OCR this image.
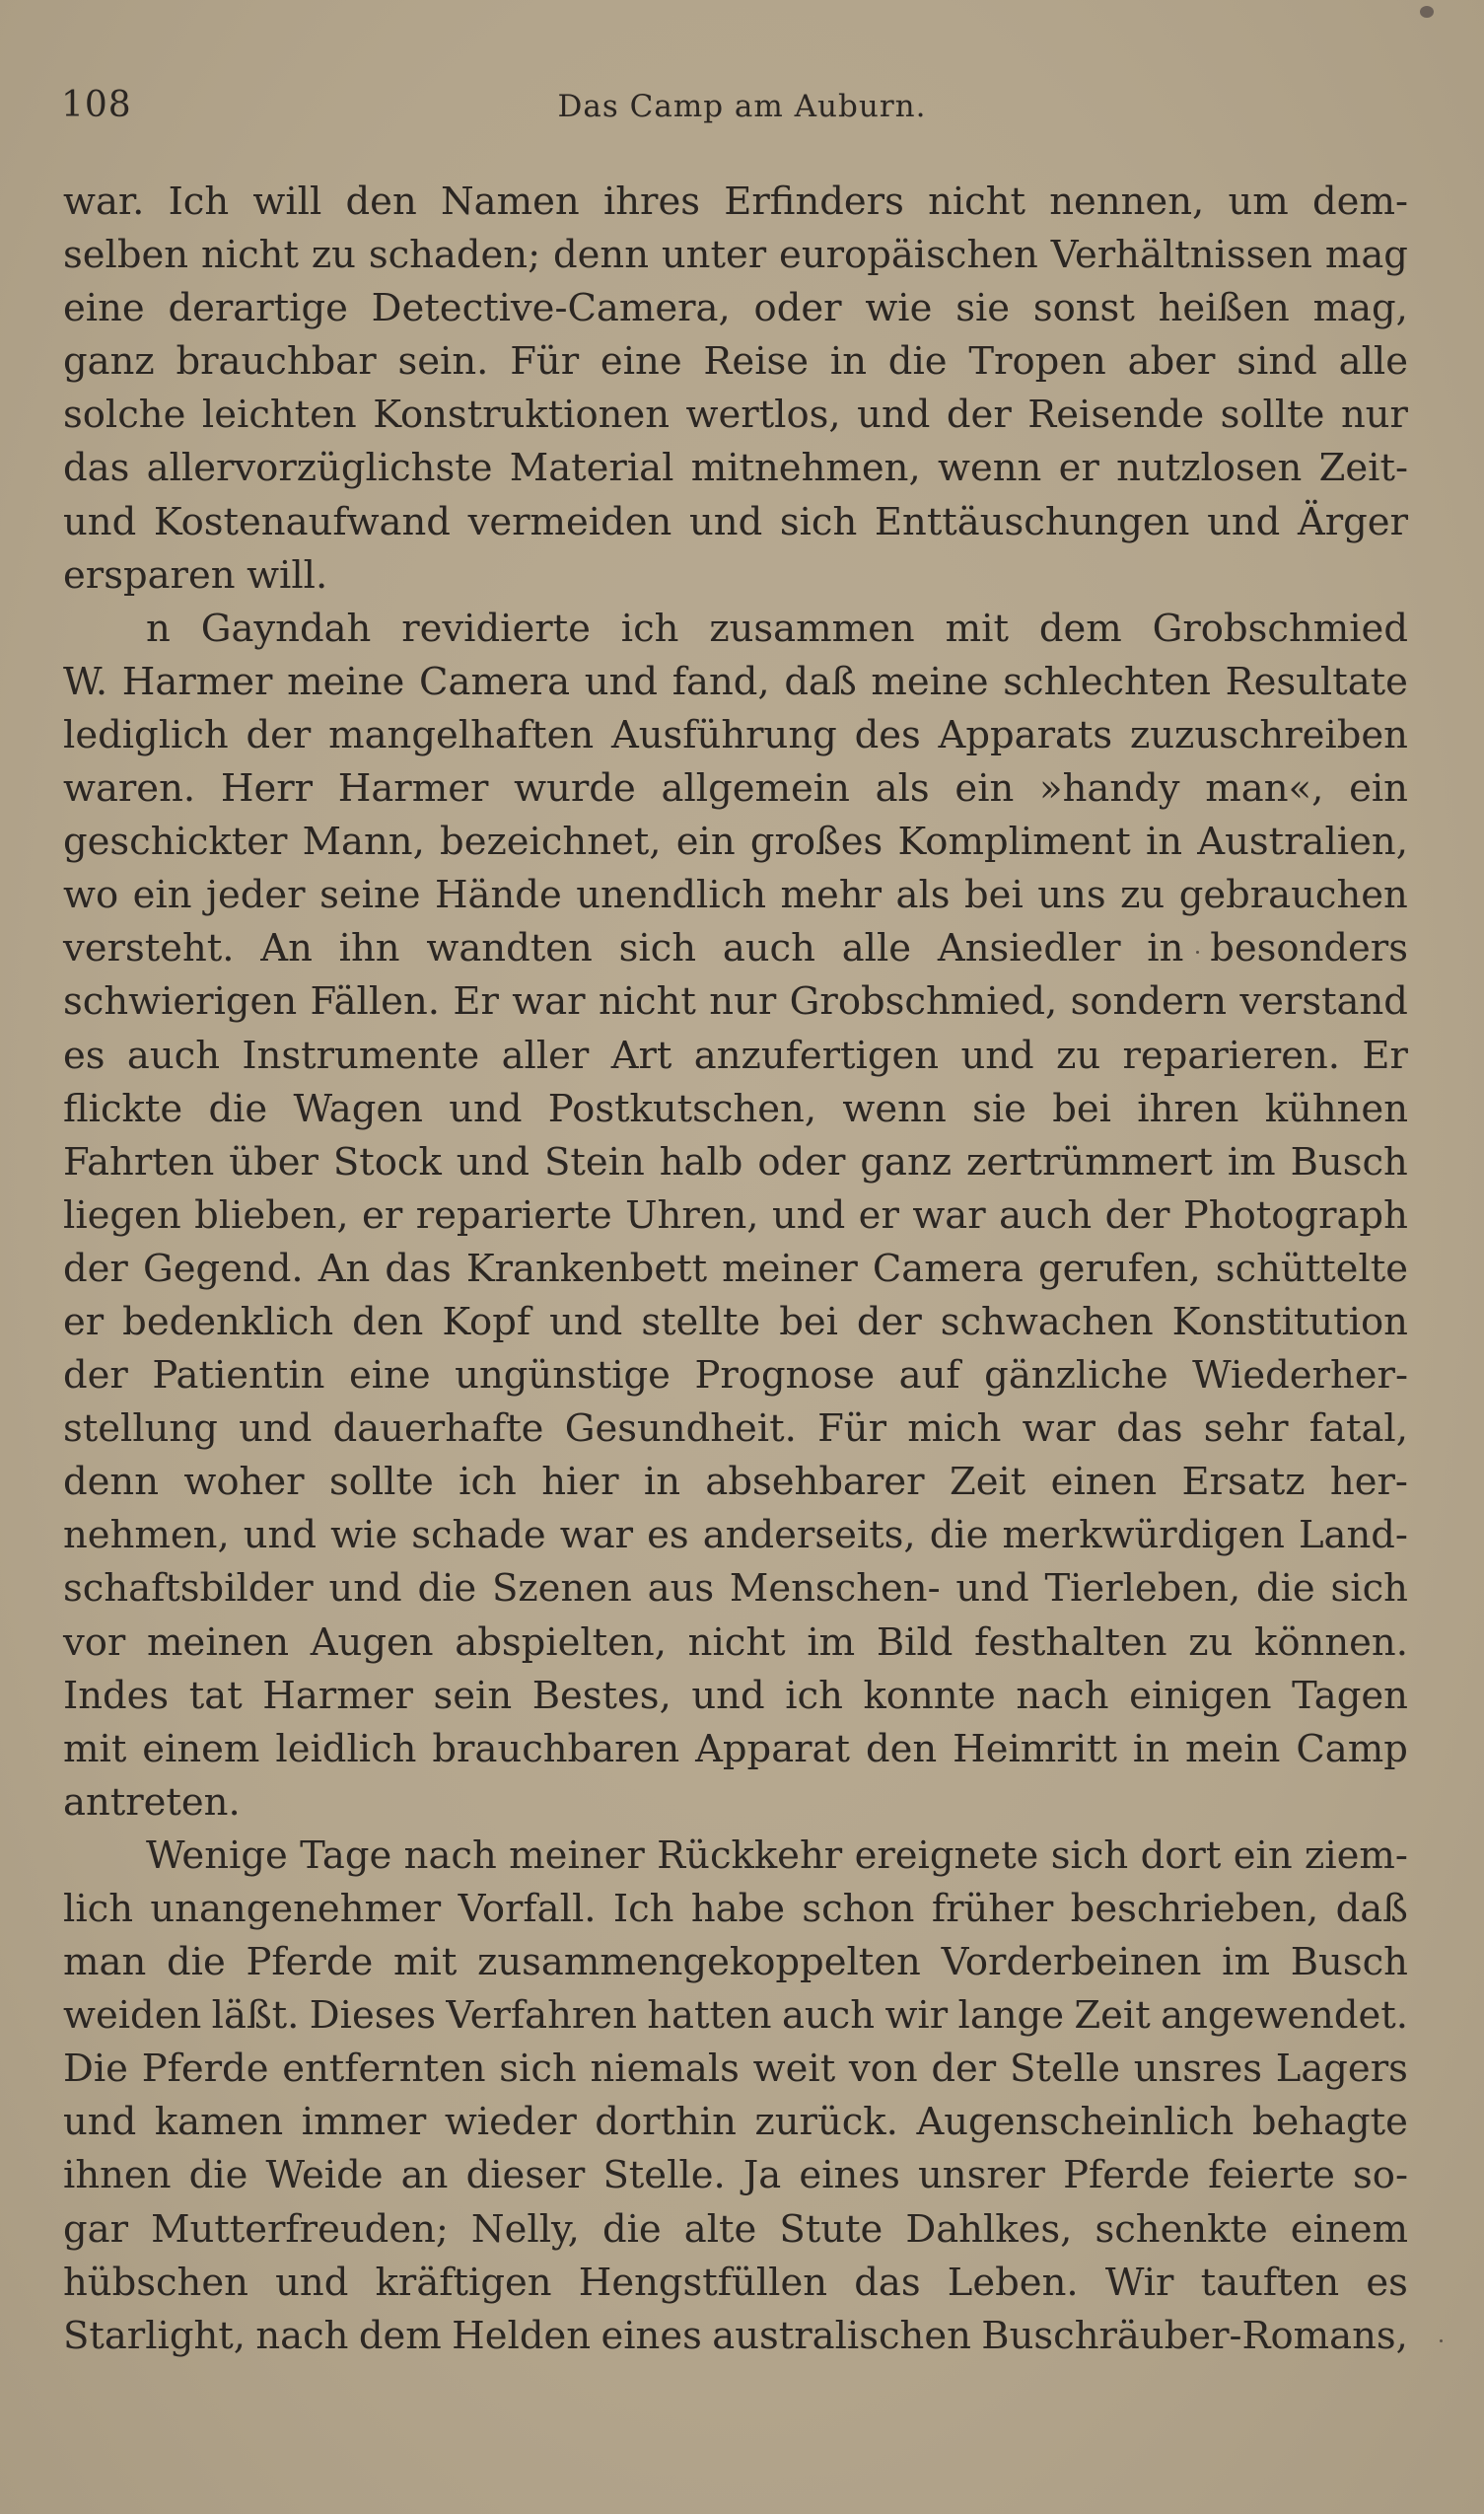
108	Das Camp am Auburn.
war. Ich will den Namen ihres Erfinders nicht nennen, um dem-
selben nicht zu schaden; denn unter europäischen Verhältnissen mag
eine derartige Detective-Camera, oder wie sie sonst heißen mag,
ganz brauchbar sein. Für eine Reise in die Tropen aber sind alle
solche leichten Konstruktionen wertlos, und der Reisende sollte nur
das allervorzüglichste Material mitnehmen, wenn er nutzlosen Zeit-
und Kostenaufwand vermeiden und sich Enttäuschungen und Ärger
ersparen will.
n Gayndah revidierte ich zusammen mit dem Grobschmied
W. Harmer meine Camera und fand, daß meine schlechten Resultate
lediglich der mangelhaften Ausführung des Apparats zuzuschreiben
waren. Herr Harmer wurde allgemein als ein »handy man«, ein
geschickter Mann, bezeichnet, ein großes Kompliment in Australien,
wo ein jeder seine Hände unendlich mehr als bei uns zu gebrauchen
versteht. An ihn wandten sich auch alle Ansiedler in besonders
schwierigen Fällen. Er war nicht nur Grobschmied, sondern verstand
es auch Instrumente aller Art anzufertigen und zu reparieren. Er
flickte die Wagen und Postkutschen, wenn sie bei ihren kühnen
Fahrten über Stock und Stein halb oder ganz zertrümmert im Busch
liegen blieben, er reparierte Uhren, und er war auch der Photograph
der Gegend. An das Krankenbett meiner Camera gerufen, schüttelte
er bedenklich den Kopf und stellte bei der schwachen Konstitution
der Patientin eine ungünstige Prognose auf gänzliche Wiederher-
stellung und dauerhafte Gesundheit. Für mich war das sehr fatal,
denn woher sollte ich hier in absehbarer Zeit einen Ersatz her-
nehmen, und wie schade war es anderseits, die merkwürdigen Land-
schaftsbilder und die Szenen aus Menschen- und Tierleben, die sich
vor meinen Augen abspielten, nicht im Bild festhalten zu können.
Indes tat Harmer sein Bestes, und ich konnte nach einigen Tagen
mit einem leidlich brauchbaren Apparat den Heimritt in mein Camp
antreten.
Wenige Tage nach meiner Rückkehr ereignete sich dort ein ziem-
lich unangenehmer Vorfall. Ich habe schon früher beschrieben, daß
man die Pferde mit zusammengekoppelten Vorderbeinen im Busch
weiden läßt. Dieses Verfahren hatten auch wir lange Zeit angewendet.
Die Pferde entfernten sich niemals weit von der Stelle unsres Lagers
und kamen immer wieder dorthin zurück. Augenscheinlich behagte
ihnen die Weide an dieser Stelle. Ja eines unsrer Pferde feierte so-
gar Mutterfreuden; Nelly, die alte Stute Dahlkes, schenkte einem
hübschen und kräftigen Hengstfüllen das Leben. Wir tauften es
Starlight, nach dem Helden eines australischen Buschräuber-Romans,
